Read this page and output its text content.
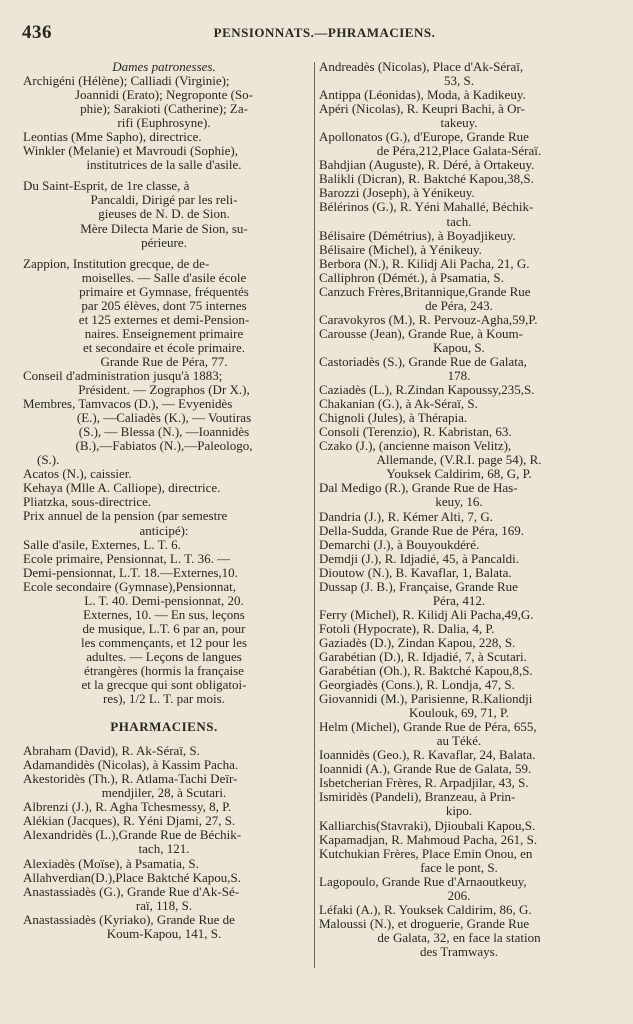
436	PENSIONNATS.—PHRAMACIENS.
Dames patronesses.
Archigéni (Hélène); Calliadi (Virginie);
Joannidi (Erato); Negroponte (So-
phie); Sarakioti (Catherine); Za-
rifi (Euphrosyne).
Leontias (Mme Sapho), directrice.
Winkler (Melanie) et Mavroudi (Sophie),
institutrices de la salle d'asile.
Du Saint-Esprit, de 1re classe, à
Pancaldi, Dirigé par les reli-
gieuses de N. D. de Sion.
Mère Dilecta Marie de Sion, su-
périeure.
Zappion, Institution grecque, de de-
moiselles. — Salle d'asile école
primaire et Gymnase, fréquentés
par 205 élèves, dont 75 internes
et 125 externes et demi-Pension-
naires. Enseignement primaire
et secondaire et école primaire.
Grande Rue de Péra, 77.
Conseil d'administration jusqu'à 1883;
Président. — Zographos (Dr X.),
Membres, Tamvacos (D.), — Evyenidès
(E.), —Caliadès (K.), — Voutiras
(S.), — Blessa (N.), —Ioannidès
(B.),—Fabiatos (N.),—Paleologo,
(S.).
Acatos (N.), caissier.
Kehaya (Mlle A. Calliope), directrice.
Pliatzka, sous-directrice.
Prix annuel de la pension (par semestre
anticipé):
Salle d'asile, Externes, L. T. 6.
Ecole primaire, Pensionnat, L. T. 36. —
Demi-pensionnat, L.T. 18.—Externes,10.
Ecole secondaire (Gymnase),Pensionnat,
L. T. 40. Demi-pensionnat, 20.
Externes, 10. — En sus, leçons
de musique, L.T. 6 par an, pour
les commençants, et 12 pour les
adultes. — Leçons de langues
étrangères (hormis la française
et la grecque qui sont obligatoi-
res), 1/2 L. T. par mois.
PHARMACIENS.
Abraham (David), R. Ak-Séraï, S.
Adamandidès (Nicolas), à Kassim Pacha.
Akestoridès (Th.), R. Atlama-Tachi Deïr-
mendjiler, 28, à Scutari.
Albrenzi (J.), R. Agha Tchesmessy, 8, P.
Alékian (Jacques), R. Yéni Djami, 27, S.
Alexandridès (L.),Grande Rue de Béchik-
tach, 121.
Alexiadès (Moïse), à Psamatia, S.
Allahverdian(D.),Place Baktché Kapou,S.
Anastassiadès (G.), Grande Rue d'Ak-Sé-
raï, 118, S.
Anastassiadès (Kyriako), Grande Rue de
Koum-Kapou, 141, S.
Andreadès (Nicolas), Place d'Ak-Séraï,
53, S.
Antippa (Léonidas), Moda, à Kadikeuy.
Apéri (Nicolas), R. Keupri Bachi, à Or-
takeuy.
Apollonatos (G.), d'Europe, Grande Rue
de Péra,212,Place Galata-Séraï.
Bahdjian (Auguste), R. Déré, à Ortakeuy.
Balikli (Dicran), R. Baktché Kapou,38,S.
Barozzi (Joseph), à Yénikeuy.
Bélérinos (G.), R. Yéni Mahallé, Béchik-
tach.
Bélisaire (Démétrius), à Boyadjikeuy.
Bélisaire (Michel), à Yénikeuy.
Berbora (N.), R. Kilidj Ali Pacha, 21, G.
Calliphron (Démét.), à Psamatia, S.
Canzuch Frères,Britannique,Grande Rue
de Péra, 243.
Caravokyros (M.), R. Pervouz-Agha,59,P.
Carousse (Jean), Grande Rue, à Koum-
Kapou, S.
Castoriadès (S.), Grande Rue de Galata,
178.
Caziadès (L.), R.Zindan Kapoussy,235,S.
Chakanian (G.), à Ak-Séraï, S.
Chignoli (Jules), à Thérapia.
Consoli (Terenzio), R. Kabristan, 63.
Czako (J.), (ancienne maison Velitz),
Allemande, (V.R.I. page 54), R.
Youksek Caldirim, 68, G, P.
Dal Medigo (R.), Grande Rue de Has-
keuy, 16.
Dandria (J.), R. Kémer Alti, 7, G.
Della-Sudda, Grande Rue de Péra, 169.
Demarchi (J.), à Bouyoukdéré.
Demdji (J.), R. Idjadié, 45, à Pancaldi.
Dioutow (N.), B. Kavaflar, 1, Balata.
Dussap (J. B.), Française, Grande Rue
Péra, 412.
Ferry (Michel), R. Kilidj Ali Pacha,49,G.
Fotoli (Hypocrate), R. Dalia, 4, P.
Gaziadès (D.), Zindan Kapou, 228, S.
Garabétian (D.), R. Idjadié, 7, à Scutari.
Garabétian (Oh.), R. Baktché Kapou,8,S.
Georgiadès (Cons.), R. Londja, 47, S.
Giovannidi (M.), Parisienne, R.Kaliondji
Koulouk, 69, 71, P.
Helm (Michel), Grande Rue de Péra, 655,
au Téké.
Ioannidès (Geo.), R. Kavaflar, 24, Balata.
Ioannidi (A.), Grande Rue de Galata, 59.
Isbetcherian Frères, R. Arpadjilar, 43, S.
Ismiridès (Pandeli), Branzeau, à Prin-
kipo.
Kalliarchis(Stavraki), Djioubali Kapou,S.
Kapamadjan, R. Mahmoud Pacha, 261, S.
Kutchukian Frères, Place Emin Onou, en
face le pont, S.
Lagopoulo, Grande Rue d'Arnaoutkeuy,
206.
Léfaki (A.), R. Youksek Caldirim, 86, G.
Maloussi (N.), et droguerie, Grande Rue
de Galata, 32, en face la station
des Tramways.
